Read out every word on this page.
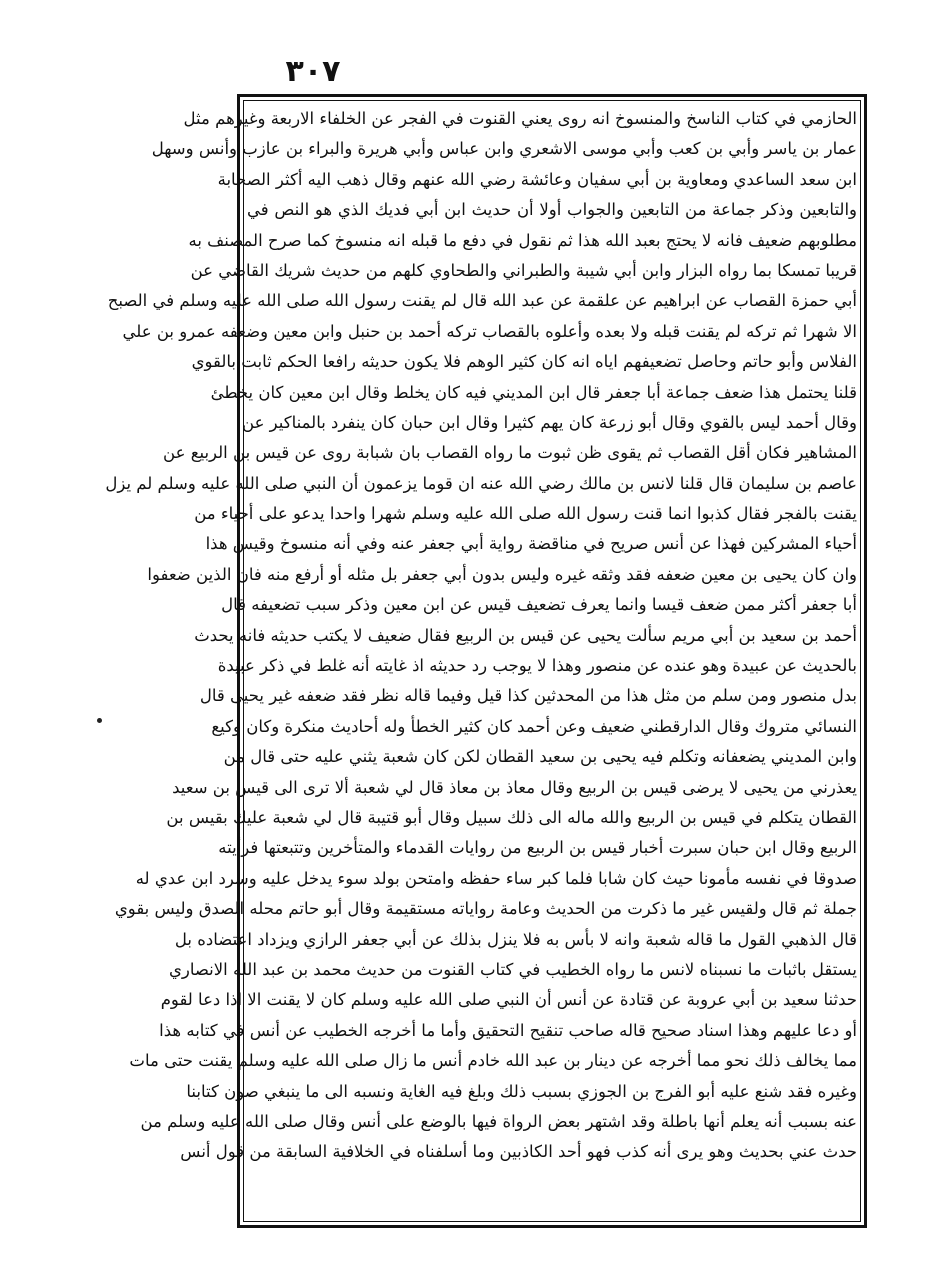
٣٠٧
الحازمي في كتاب الناسخ والمنسوخ انه روى يعني القنوت في الفجر عن الخلفاء الاربعة وغيرهم مثل
عمار بن ياسر وأبي بن كعب وأبي موسى الاشعري وابن عباس وأبي هريرة والبراء بن عازب وأنس وسهل
ابن سعد الساعدي ومعاوية بن أبي سفيان وعائشة رضي الله عنهم وقال ذهب اليه أكثر الصحابة
والتابعين وذكر جماعة من التابعين والجواب أولا أن حديث ابن أبي فديك الذي هو النص في
مطلوبهم ضعيف فانه لا يحتج بعبد الله هذا ثم نقول في دفع ما قبله انه منسوخ كما صرح المصنف به
قريبا تمسكا بما رواه البزار وابن أبي شيبة والطبراني والطحاوي كلهم من حديث شريك القاضي عن
أبي حمزة القصاب عن ابراهيم عن علقمة عن عبد الله قال لم يقنت رسول الله صلى الله عليه وسلم في الصبح
الا شهرا ثم تركه لم يقنت قبله ولا بعده وأعلوه بالقصاب تركه أحمد بن حنبل وابن معين وضعفه عمرو بن علي
الفلاس وأبو حاتم وحاصل تضعيفهم اياه انه كان كثير الوهم فلا يكون حديثه رافعا الحكم ثابت بالقوي
قلنا يحتمل هذا ضعف جماعة أبا جعفر قال ابن المديني فيه كان يخلط وقال ابن معين كان يخطئ
وقال أحمد ليس بالقوي وقال أبو زرعة كان يهم كثيرا وقال ابن حبان كان ينفرد بالمناكير عن
المشاهير فكان أقل القصاب ثم يقوى ظن ثبوت ما رواه القصاب بان شبابة روى عن قيس بن الربيع عن
عاصم بن سليمان قال قلنا لانس بن مالك رضي الله عنه ان قوما يزعمون أن النبي صلى الله عليه وسلم لم يزل
يقنت بالفجر فقال كذبوا انما قنت رسول الله صلى الله عليه وسلم شهرا واحدا يدعو على أحياء من
أحياء المشركين فهذا عن أنس صريح في مناقضة رواية أبي جعفر عنه وفي أنه منسوخ وقيس هذا
وان كان يحيى بن معين ضعفه فقد وثقه غيره وليس بدون أبي جعفر بل مثله أو أرفع منه فان الذين ضعفوا
أبا جعفر أكثر ممن ضعف قيسا وانما يعرف تضعيف قيس عن ابن معين وذكر سبب تضعيفه قال
أحمد بن سعيد بن أبي مريم سألت يحيى عن قيس بن الربيع فقال ضعيف لا يكتب حديثه فانه يحدث
بالحديث عن عبيدة وهو عنده عن منصور وهذا لا يوجب رد حديثه اذ غايته أنه غلط في ذكر عبيدة
بدل منصور ومن سلم من مثل هذا من المحدثين كذا قيل وفيما قاله نظر فقد ضعفه غير يحيى قال
النسائي متروك وقال الدارقطني ضعيف وعن أحمد كان كثير الخطأ وله أحاديث منكرة وكان وكيع
وابن المديني يضعفانه وتكلم فيه يحيى بن سعيد القطان لكن كان شعبة يثني عليه حتى قال من
يعذرني من يحيى لا يرضى قيس بن الربيع وقال معاذ بن معاذ قال لي شعبة ألا ترى الى قيس بن سعيد
القطان يتكلم في قيس بن الربيع والله ماله الى ذلك سبيل وقال أبو قتيبة قال لي شعبة عليك بقيس بن
الربيع وقال ابن حبان سبرت أخبار قيس بن الربيع من روايات القدماء والمتأخرين وتتبعتها فرأيته
صدوقا في نفسه مأمونا حيث كان شابا فلما كبر ساء حفظه وامتحن بولد سوء يدخل عليه وسرد ابن عدي له
جملة ثم قال ولقيس غير ما ذكرت من الحديث وعامة رواياته مستقيمة وقال أبو حاتم محله الصدق وليس بقوي
قال الذهبي القول ما قاله شعبة وانه لا بأس به فلا ينزل بذلك عن أبي جعفر الرازي ويزداد اعتضاده بل
يستقل باثبات ما نسبناه لانس ما رواه الخطيب في كتاب القنوت من حديث محمد بن عبد الله الانصاري
حدثنا سعيد بن أبي عروبة عن قتادة عن أنس أن النبي صلى الله عليه وسلم كان لا يقنت الا اذا دعا لقوم
أو دعا عليهم وهذا اسناد صحيح قاله صاحب تنقيح التحقيق وأما ما أخرجه الخطيب عن أنس في كتابه هذا
مما يخالف ذلك نحو مما أخرجه عن دينار بن عبد الله خادم أنس ما زال صلى الله عليه وسلم يقنت حتى مات
وغيره فقد شنع عليه أبو الفرج بن الجوزي بسبب ذلك وبلغ فيه الغاية ونسبه الى ما ينبغي صون كتابنا
عنه بسبب أنه يعلم أنها باطلة وقد اشتهر بعض الرواة فيها بالوضع على أنس وقال صلى الله عليه وسلم من
حدث عني بحديث وهو يرى أنه كذب فهو أحد الكاذبين وما أسلفناه في الخلافية السابقة من قول أنس
